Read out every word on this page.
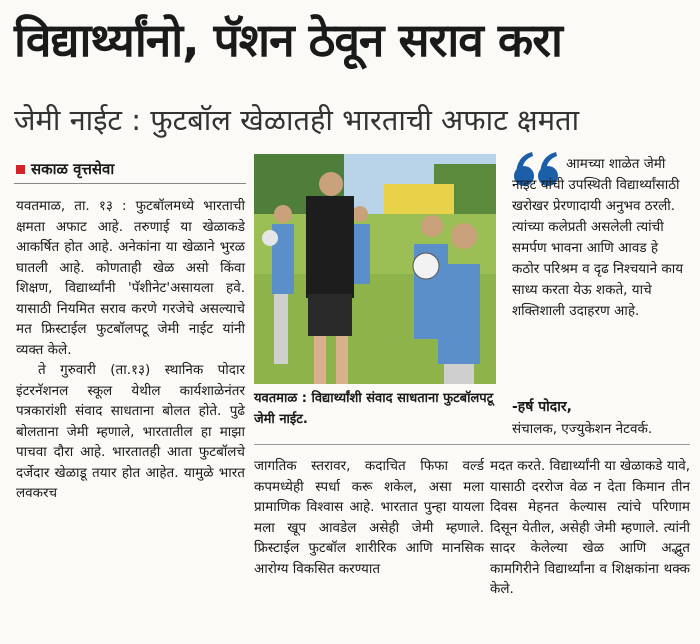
विद्यार्थ्यांनो, पॅशन ठेवून सराव करा
जेमी नाईट : फुटबॉल खेळातही भारताची अफाट क्षमता
सकाळ वृत्तसेवा

यवतमाळ, ता. १३ : फुटबॉलमध्ये भारताची क्षमता अफाट आहे. तरुणाई या खेळाकडे आकर्षित होत आहे. अनेकांना या खेळाने भुरळ घातली आहे. कोणताही खेळ असो किंवा शिक्षण, विद्यार्थ्यांनी 'पॅशीनेट'असायला हवे. यासाठी नियमित सराव करणे गरजेचे असल्याचे मत फ्रिस्टाईल फुटबॉलपटू जेमी नाईट यांनी व्यक्त केले.

ते गुरुवारी (ता.१३) स्थानिक पोदार इंटरनॅशनल स्कूल येथील कार्यशाळेनंतर पत्रकारांशी संवाद साधताना बोलत होते. पुढे बोलताना जेमी म्हणाले, भारतातील हा माझा पाचवा दौरा आहे. भारतातही आता फुटबॉलचे दर्जेदार खेळाडू तयार होत आहेत. यामुळे भारत लवकरच

यवतमाळ : विद्यार्थ्यांशी संवाद साधताना फुटबॉलपटू जेमी नाईट.
आमच्या शाळेत जेमी नाइट यांची उपस्थिती विद्यार्थ्यांसाठी खरोखर प्रेरणादायी अनुभव ठरली. त्यांच्या कलेप्रती असलेली त्यांची समर्पण भावना आणि आवड हे कठोर परिश्रम व दृढ निश्चयाने काय साध्य करता येऊ शकते, याचे शक्तिशाली उदाहरण आहे.
-हर्ष पोदार,
संचालक, एज्युकेशन नेटवर्क.

जागतिक स्तरावर, कदाचित फिफा वर्ल्ड कपमध्येही स्पर्धा करू शकेल, असा मला प्रामाणिक विश्वास आहे. भारतात पुन्हा यायला मला खूप आवडेल असेही जेमी म्हणाले. फ्रिस्टाईल फुटबॉल शारीरिक आणि मानसिक आरोग्य विकसित करण्यात

मदत करते. विद्यार्थ्यांनी या खेळाकडे यावे, यासाठी दररोज वेळ न देता किमान तीन दिवस मेहनत केल्यास त्यांचे परिणाम दिसून येतील, असेही जेमी म्हणाले. त्यांनी सादर केलेल्या खेळ आणि अद्भुत कामगिरीने विद्यार्थ्यांना व शिक्षकांना थक्क केले.
